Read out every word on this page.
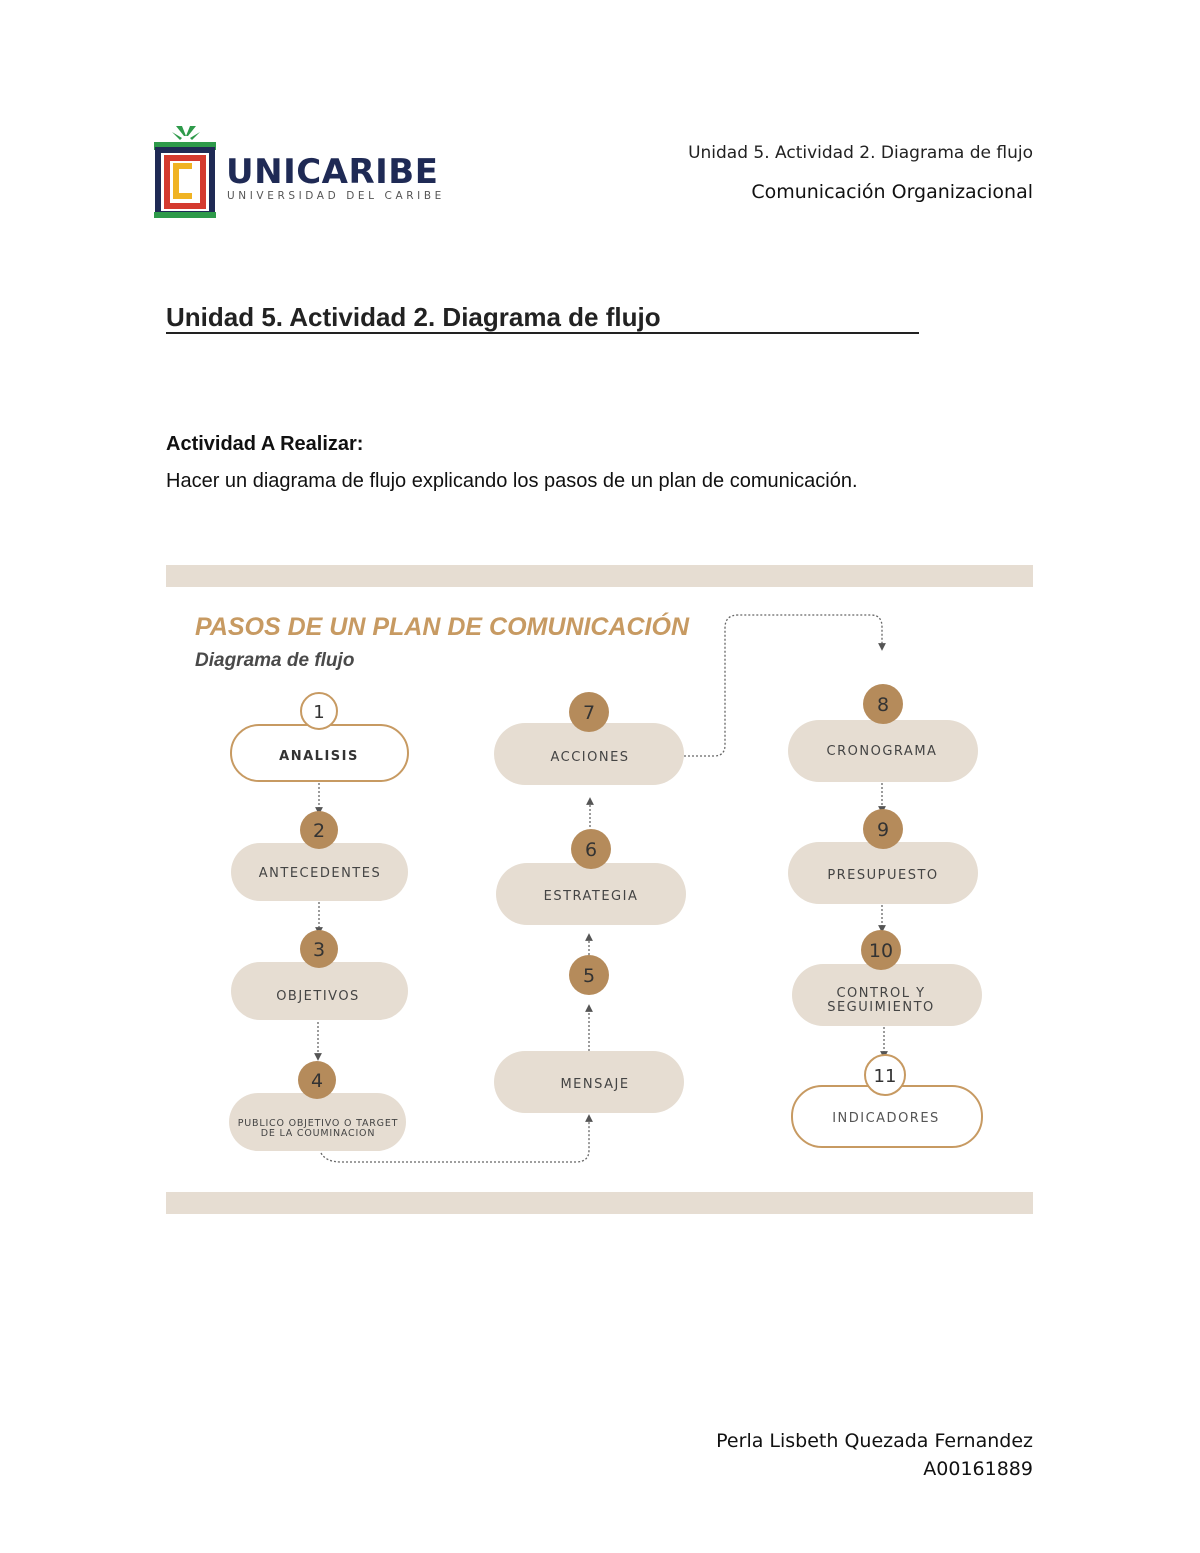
UNICARIBE
UNIVERSIDAD DEL CARIBE
Unidad 5. Actividad 2. Diagrama de flujo
Comunicación Organizacional
Unidad 5. Actividad 2. Diagrama de flujo
Actividad A Realizar:
Hacer un diagrama de flujo explicando los pasos de un plan de comunicación.
PASOS DE UN PLAN DE COMUNICACIÓN
Diagrama de flujo
ANALISIS
1
ANTECEDENTES
2
OBJETIVOS
3
PUBLICO OBJETIVO O TARGET
DE LA COUMINACION
4	MENSAJE
5
ESTRATEGIA
6
ACCIONES
7
CRONOGRAMA
8
PRESUPUESTO
9
CONTROL Y
SEGUIMIENTO
10
INDICADORES
11
Perla Lisbeth Quezada Fernandez
A00161889
